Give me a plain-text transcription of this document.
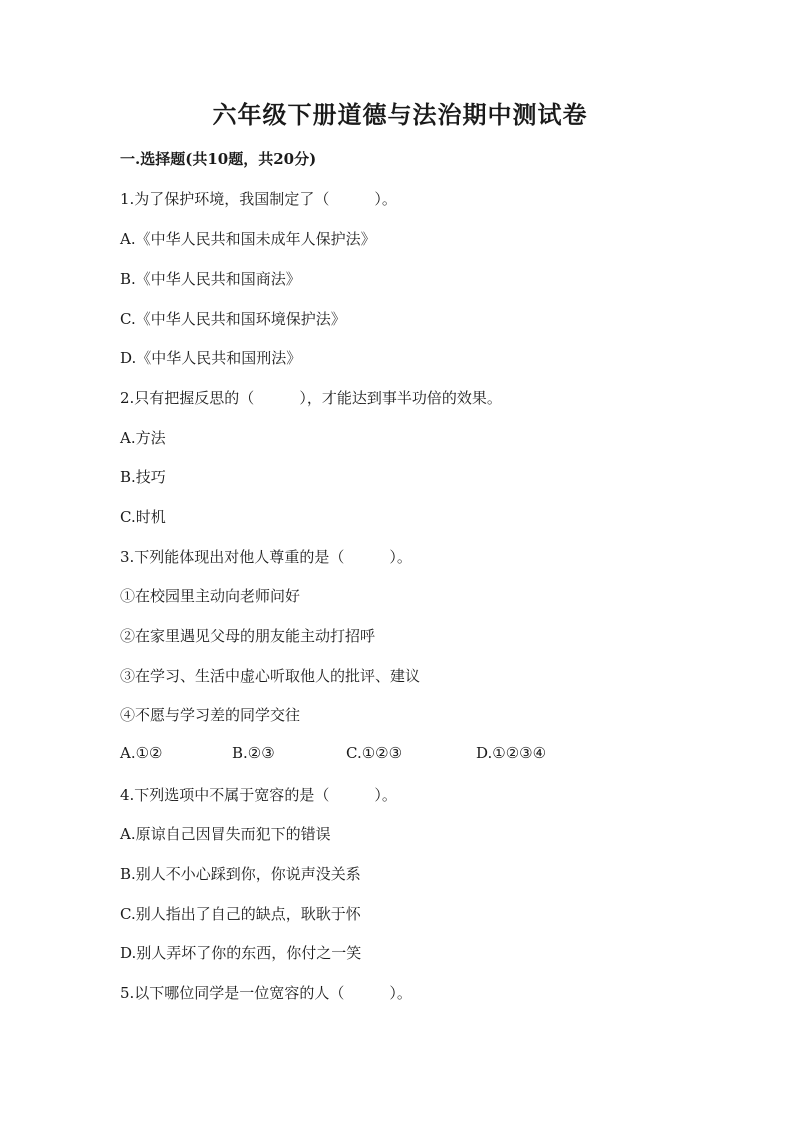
六年级下册道德与法治期中测试卷
一.选择题(共10题，共20分)
1.为了保护环境，我国制定了（　　　）。
A.《中华人民共和国未成年人保护法》
B.《中华人民共和国商法》
C.《中华人民共和国环境保护法》
D.《中华人民共和国刑法》
2.只有把握反思的（　　　），才能达到事半功倍的效果。
A.方法
B.技巧
C.时机
3.下列能体现出对他人尊重的是（　　　）。
①在校园里主动向老师问好
②在家里遇见父母的朋友能主动打招呼
③在学习、生活中虚心听取他人的批评、建议
④不愿与学习差的同学交往
A.①②	B.②③	C.①②③	D.①②③④
4.下列选项中不属于宽容的是（　　　）。
A.原谅自己因冒失而犯下的错误
B.别人不小心踩到你，你说声没关系
C.别人指出了自己的缺点，耿耿于怀
D.别人弄坏了你的东西，你付之一笑
5.以下哪位同学是一位宽容的人（　　　）。
